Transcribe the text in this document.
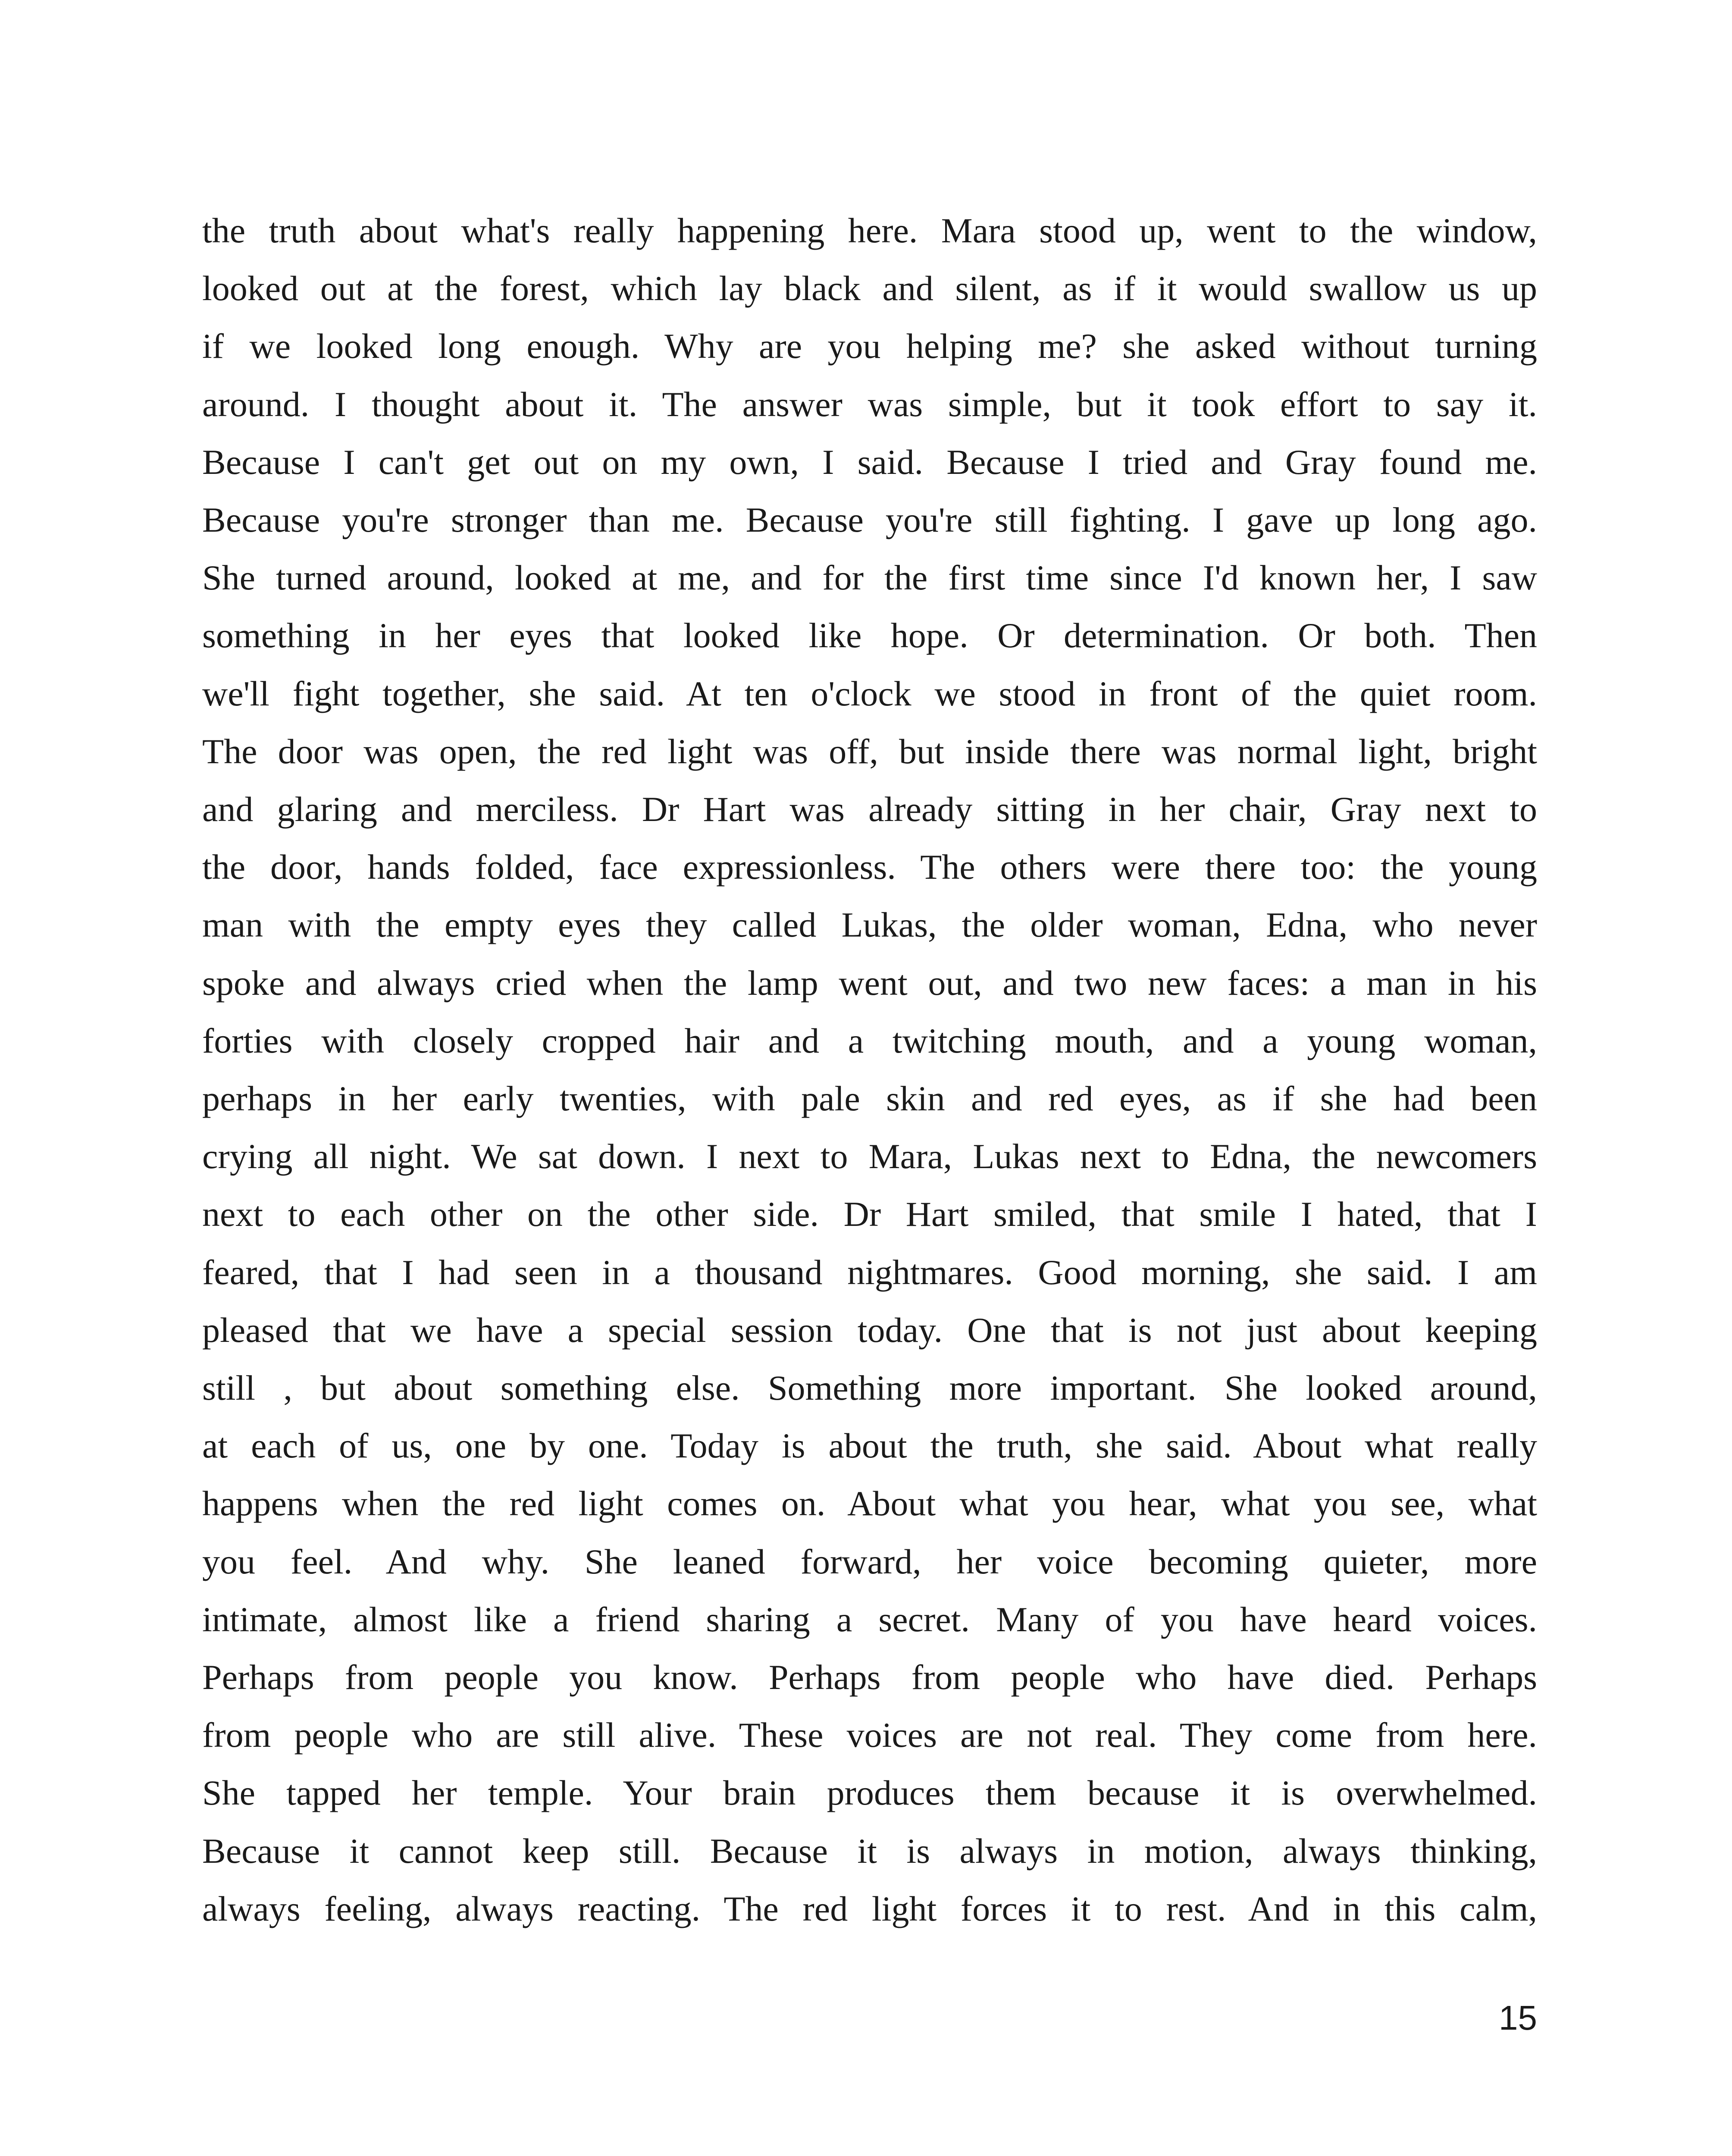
the truth about what's really happening here. Mara stood up, went to the window,
looked out at the forest, which lay black and silent, as if it would swallow us up
if we looked long enough. Why are you helping me? she asked without turning
around. I thought about it. The answer was simple, but it took effort to say it.
Because I can't get out on my own, I said. Because I tried and Gray found me.
Because you're stronger than me. Because you're still fighting. I gave up long ago.
She turned around, looked at me, and for the first time since I'd known her, I saw
something in her eyes that looked like hope. Or determination. Or both. Then
we'll fight together, she said. At ten o'clock we stood in front of the quiet room.
The door was open, the red light was off, but inside there was normal light, bright
and glaring and merciless. Dr Hart was already sitting in her chair, Gray next to
the door, hands folded, face expressionless. The others were there too: the young
man with the empty eyes they called Lukas, the older woman, Edna, who never
spoke and always cried when the lamp went out, and two new faces: a man in his
forties with closely cropped hair and a twitching mouth, and a young woman,
perhaps in her early twenties, with pale skin and red eyes, as if she had been
crying all night. We sat down. I next to Mara, Lukas next to Edna, the newcomers
next to each other on the other side. Dr Hart smiled, that smile I hated, that I
feared, that I had seen in a thousand nightmares. Good morning, she said. I am
pleased that we have a special session today. One that is not just about keeping
still , but about something else. Something more important. She looked around,
at each of us, one by one. Today is about the truth, she said. About what really
happens when the red light comes on. About what you hear, what you see, what
you feel. And why. She leaned forward, her voice becoming quieter, more
intimate, almost like a friend sharing a secret. Many of you have heard voices.
Perhaps from people you know. Perhaps from people who have died. Perhaps
from people who are still alive. These voices are not real. They come from here.
She tapped her temple. Your brain produces them because it is overwhelmed.
Because it cannot keep still. Because it is always in motion, always thinking,
always feeling, always reacting. The red light forces it to rest. And in this calm,
15
